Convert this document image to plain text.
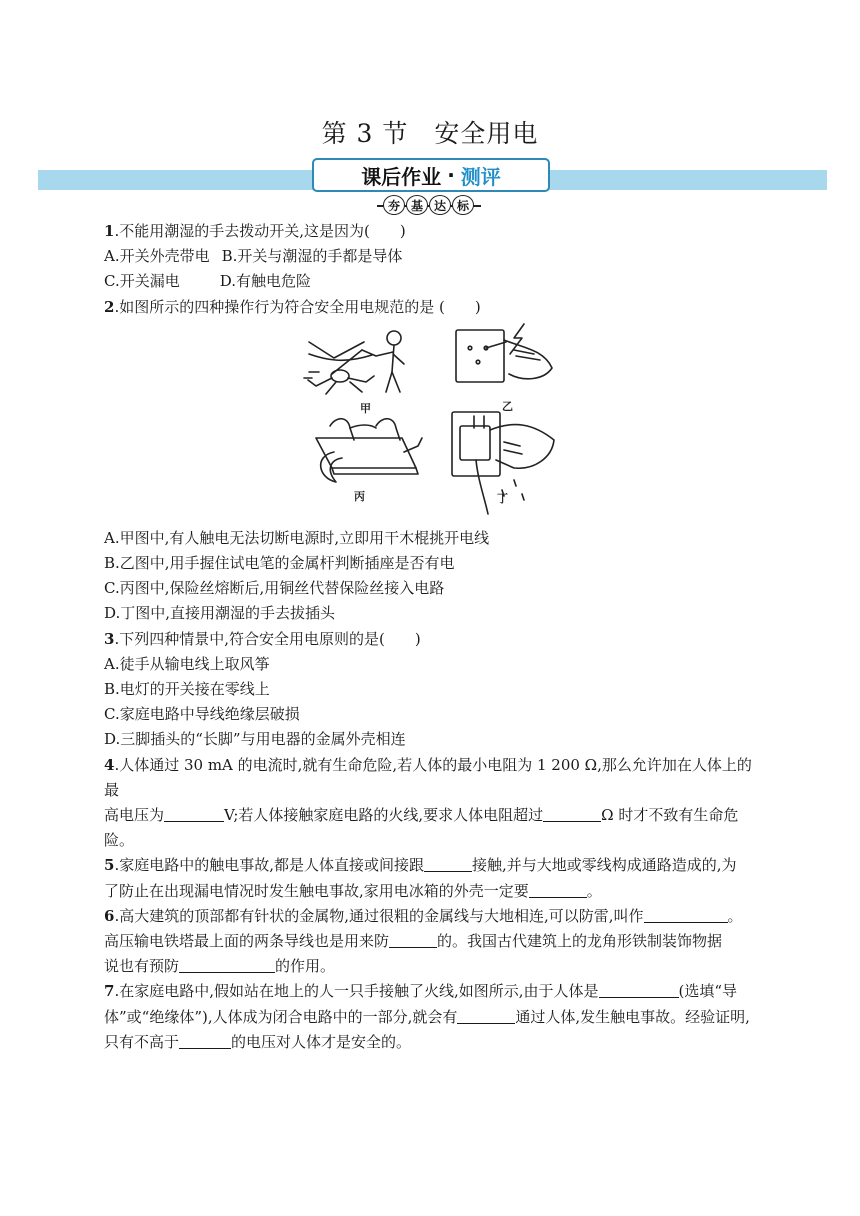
第 3 节 安全用电
课后作业 · 测评
夯 基 达 标

1.不能用潮湿的手去拨动开关,这是因为(　　)

A.开关外壳带电 B.开关与潮湿的手都是导体

C.开关漏电	D.有触电危险

2.如图所示的四种操作行为符合安全用电规范的是 (　　)

甲	乙
丙	丁

A.甲图中,有人触电无法切断电源时,立即用干木棍挑开电线

B.乙图中,用手握住试电笔的金属杆判断插座是否有电

C.丙图中,保险丝熔断后,用铜丝代替保险丝接入电路

D.丁图中,直接用潮湿的手去拔插头

3.下列四种情景中,符合安全用电原则的是(　　)

A.徒手从输电线上取风筝

B.电灯的开关接在零线上

C.家庭电路中导线绝缘层破损

D.三脚插头的“长脚”与用电器的金属外壳相连

4.人体通过 30 mA 的电流时,就有生命危险,若人体的最小电阻为 1 200 Ω,那么允许加在人体上的最

高电压为	V;若人体接触家庭电路的火线,要求人体电阻超过	Ω 时才不致有生命危

险。

5.家庭电路中的触电事故,都是人体直接或间接跟	接触,并与大地或零线构成通路造成的,为

了防止在出现漏电情况时发生触电事故,家用电冰箱的外壳一定要	。

6.高大建筑的顶部都有针状的金属物,通过很粗的金属线与大地相连,可以防雷,叫作	。

高压输电铁塔最上面的两条导线也是用来防	的。我国古代建筑上的龙角形铁制装饰物据

说也有预防	的作用。

7.在家庭电路中,假如站在地上的人一只手接触了火线,如图所示,由于人体是	(选填“导

体”或“绝缘体”),人体成为闭合电路中的一部分,就会有	通过人体,发生触电事故。经验证明,

只有不高于	的电压对人体才是安全的。
